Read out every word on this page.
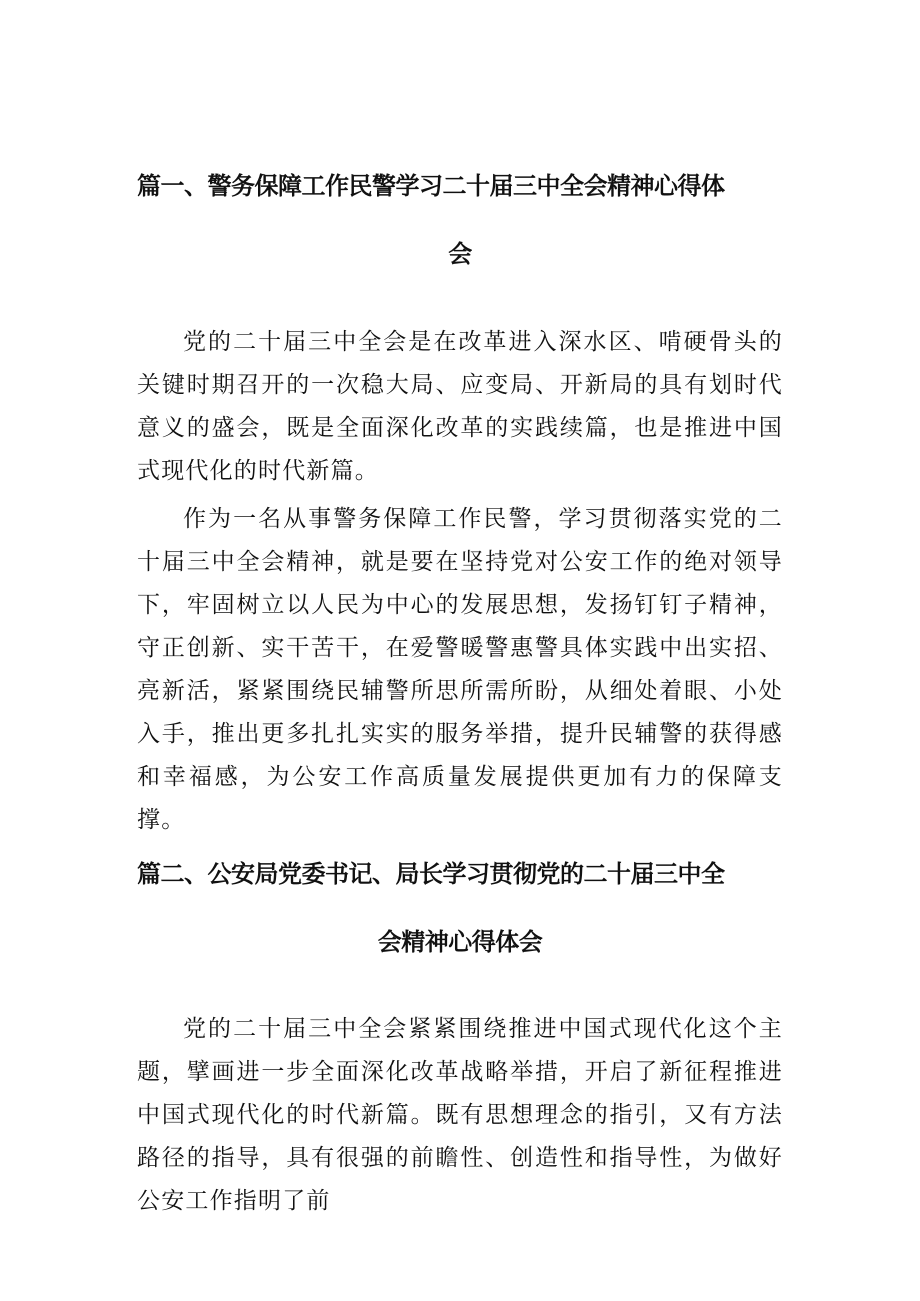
篇一、警务保障工作民警学习二十届三中全会精神心得体
会

党的二十届三中全会是在改革进入深水区、啃硬骨头的关键时期召开的一次稳大局、应变局、开新局的具有划时代意义的盛会，既是全面深化改革的实践续篇，也是推进中国式现代化的时代新篇。

作为一名从事警务保障工作民警，学习贯彻落实党的二十届三中全会精神，就是要在坚持党对公安工作的绝对领导下，牢固树立以人民为中心的发展思想，发扬钉钉子精神，守正创新、实干苦干，在爱警暖警惠警具体实践中出实招、亮新活，紧紧围绕民辅警所思所需所盼，从细处着眼、小处入手，推出更多扎扎实实的服务举措，提升民辅警的获得感和幸福感，为公安工作高质量发展提供更加有力的保障支撑。

篇二、公安局党委书记、局长学习贯彻党的二十届三中全
会精神心得体会

党的二十届三中全会紧紧围绕推进中国式现代化这个主题，擘画进一步全面深化改革战略举措，开启了新征程推进中国式现代化的时代新篇。既有思想理念的指引，又有方法路径的指导，具有很强的前瞻性、创造性和指导性，为做好公安工作指明了前
